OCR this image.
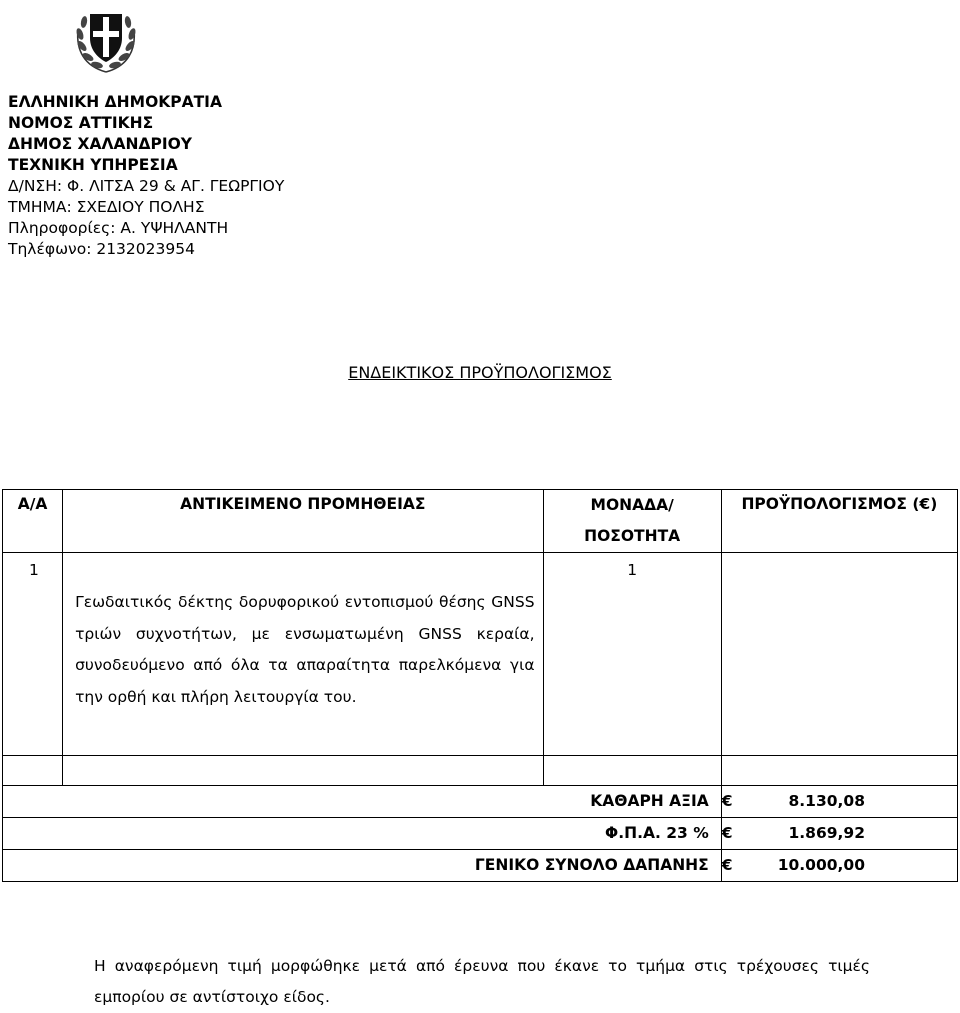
ΕΛΛΗΝΙΚΗ ΔΗΜΟΚΡΑΤΙΑ
ΝΟΜΟΣ ΑΤΤΙΚΗΣ
ΔΗΜΟΣ ΧΑΛΑΝΔΡΙΟΥ
ΤΕΧΝΙΚΗ ΥΠΗΡΕΣΙΑ
Δ/ΝΣΗ: Φ. ΛΙΤΣΑ 29 & ΑΓ. ΓΕΩΡΓΙΟΥ
ΤΜΗΜΑ: ΣΧΕΔΙΟΥ ΠΟΛΗΣ
Πληροφορίες: Α. ΥΨΗΛΑΝΤΗ
Τηλέφωνο: 2132023954
ΕΝΔΕΙΚΤΙΚΟΣ ΠΡΟΫΠΟΛΟΓΙΣΜΟΣ
Α/Α	ΑΝΤΙΚΕΙΜΕΝΟ ΠΡΟΜΗΘΕΙΑΣ	ΜΟΝΑΔΑ/
ΠΟΣΟΤΗΤΑ	ΠΡΟΫΠΟΛΟΓΙΣΜΟΣ (€)
1	Γεωδαιτικός δέκτης δορυφορικού εντοπισμού θέσης GNSS τριών συχνοτήτων, με ενσωματωμένη GNSS κεραία, συνοδευόμενο από όλα τα απαραίτητα παρελκόμενα για την ορθή και πλήρη λειτουργία του.	1	

ΚΑΘΑΡΗ ΑΞΙΑ			€ 8.130,08

Φ.Π.Α. 23 %			€ 1.869,92

ΓΕΝΙΚΟ ΣΥΝΟΛΟ ΔΑΠΑΝΗΣ			€ 10.000,00
Η αναφερόμενη τιμή μορφώθηκε μετά από έρευνα που έκανε το τμήμα στις τρέχουσες τιμές εμπορίου σε αντίστοιχο είδος.
